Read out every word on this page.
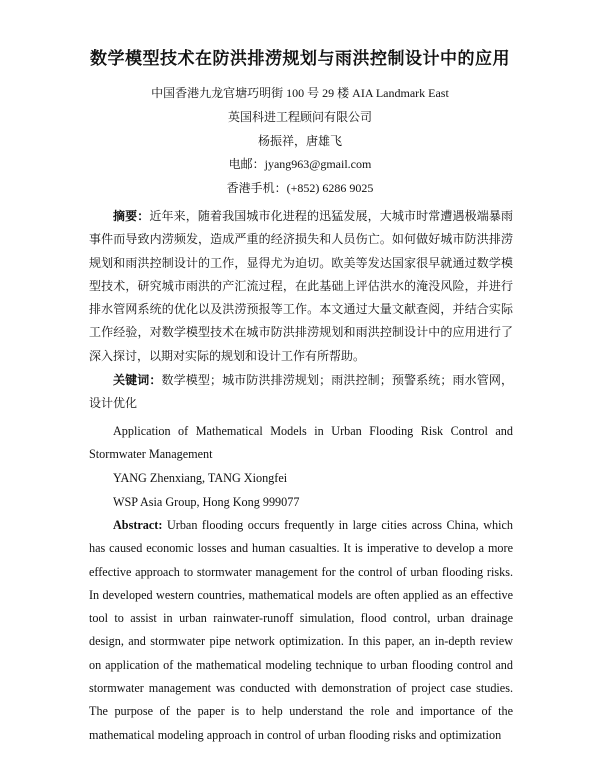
数学模型技术在防洪排涝规划与雨洪控制设计中的应用
中国香港九龙官塘巧明街 100 号 29 楼 AIA Landmark East
英国科进工程顾问有限公司
杨振祥，唐雄飞
电邮：jyang963@gmail.com
香港手机：(+852) 6286 9025
摘要：近年来，随着我国城市化进程的迅猛发展，大城市时常遭遇极端暴雨事件而导致内涝频发，造成严重的经济损失和人员伤亡。如何做好城市防洪排涝规划和雨洪控制设计的工作，显得尤为迫切。欧美等发达国家很早就通过数学模型技术，研究城市雨洪的产汇流过程，在此基础上评估洪水的淹没风险，并进行排水管网系统的优化以及洪涝预报等工作。本文通过大量文献查阅，并结合实际工作经验，对数学模型技术在城市防洪排涝规划和雨洪控制设计中的应用进行了深入探讨，以期对实际的规划和设计工作有所帮助。
关键词：数学模型；城市防洪排涝规划；雨洪控制；预警系统；雨水管网，设计优化
Application of Mathematical Models in Urban Flooding Risk Control and Stormwater Management
YANG Zhenxiang, TANG Xiongfei
WSP Asia Group, Hong Kong 999077
Abstract: Urban flooding occurs frequently in large cities across China, which has caused economic losses and human casualties. It is imperative to develop a more effective approach to stormwater management for the control of urban flooding risks. In developed western countries, mathematical models are often applied as an effective tool to assist in urban rainwater-runoff simulation, flood control, urban drainage design, and stormwater pipe network optimization. In this paper, an in-depth review on application of the mathematical modeling technique to urban flooding control and stormwater management was conducted with demonstration of project case studies. The purpose of the paper is to help understand the role and importance of the mathematical modeling approach in control of urban flooding risks and optimization
